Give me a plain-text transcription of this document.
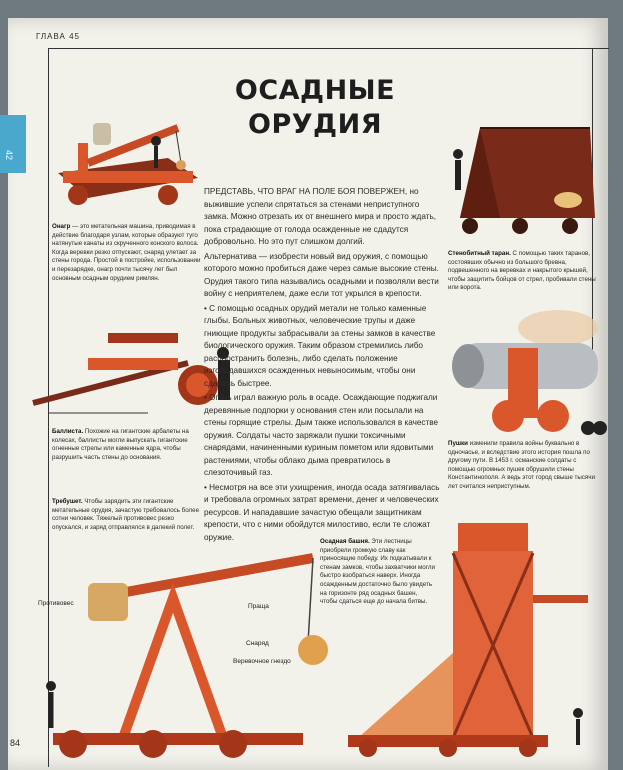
ГЛАВА 45
ОСАДНЫЕ
ОРУДИЯ

ПРЕДСТАВЬ, ЧТО ВРАГ НА ПОЛЕ БОЯ ПОВЕРЖЕН, но выжившие успели спрятаться за стенами неприступного замка. Можно отрезать их от внешнего мира и просто ждать, пока страдающие от голода осажденные не сдадутся добровольно. Но это пут слишком долгий.

Альтернатива — изобрести новый вид оружия, с помощью которого можно пробиться даже через самые высокие стены. Орудия такого типа назывались осадными и позволяли вести войну с неприятелем, даже если тот укрылся в крепости.

• С помощью осадных орудий метали не только каменные глыбы. Больных животных, человеческие трупы и даже гниющие продукты забрасывали за стены замков в качестве биологического оружия. Таким образом стремились либо распространить болезнь, либо сделать положение изголодавшихся осажденных невыносимым, чтобы они сдались быстрее.

• Огонь играл важную роль в осаде. Осаждающие поджигали деревянные подпорки у основания стен или посылали на стены горящие стрелы. Дым также использовался в качестве оружия. Солдаты часто заряжали пушки токсичными снарядами, начиненными куриным пометом или ядовитыми растениями, чтобы облако дыма превратилось в слезоточивый газ.

• Несмотря на все эти ухищрения, иногда осада затягивалась и требовала огромных затрат времени, денег и человеческих ресурсов. И нападавшие зачастую обещали защитникам крепости, что с ними обойдутся милостиво, если те сложат оружие.

Онагр — это метательная машина, приводимая в действие благодаря узлам, которые образуют туго натянутые канаты из скрученного конского волоса. Когда веревки резко отпускают, снаряд улетает за стены города. Простой в постройке, использовании и перезарядке, онагр почти тысячу лет был основным осадным орудием римлян.
Стенобитный таран. С помощью таких таранов, состоявших обычно из большого бревна, подвешенного на веревках и накрытого крышей, чтобы защитить бойцов от стрел, пробивали стены или ворота.
Баллиста. Похожие на гигантские арбалеты на колесах, баллисты могли выпускать гигантские огненные стрелы или каменные ядра, чтобы разрушить часть стены до основания.
Пушки изменили правила войны буквально в одночасье, и вследствие этого история пошла по другому пути. В 1453 г. османские солдаты с помощью огромных пушек обрушили стены Константинополя. А ведь этот город свыше тысячи лет считался неприступным.
Требушет. Чтобы зарядить эти гигантские метательные орудия, зачастую требовалось более сотни человек. Тяжелый противовес резко опускался, и заряд отправлялся в далекий полет.
Осадная башня. Эти лестницы приобрели громкую славу как приносящие победу. Их подкатывали к стенам замков, чтобы захватчики могли быстро взобраться наверх. Иногда осажденным достаточно было увидеть на горизонте ряд осадных башен, чтобы сдаться еще до начала битвы.
Противовес	Праща
Снаряд
Веревочное гнездо
42
84
